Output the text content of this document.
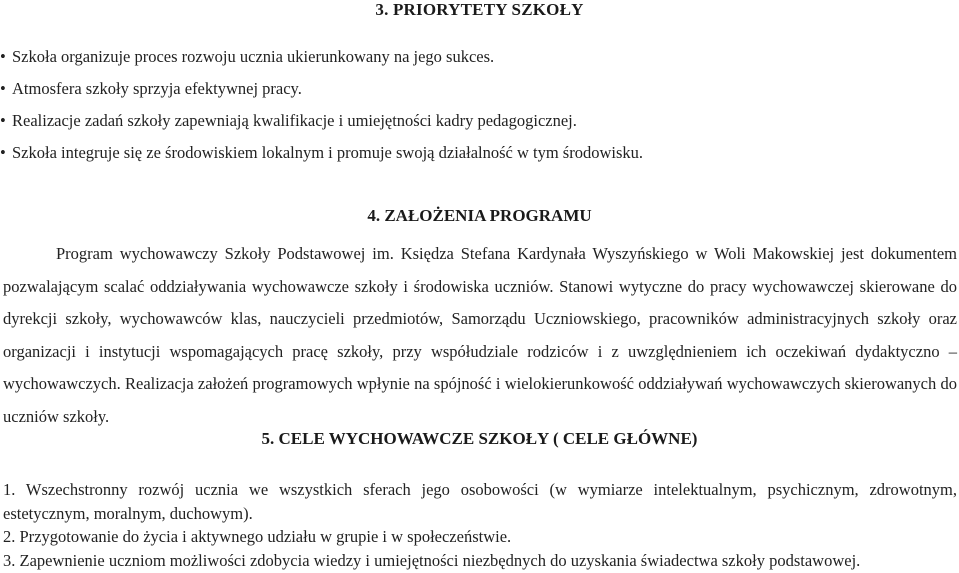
3. PRIORYTETY SZKOŁY
• Szkoła organizuje proces rozwoju ucznia ukierunkowany na jego sukces.
• Atmosfera szkoły sprzyja efektywnej pracy.
• Realizacje zadań szkoły zapewniają kwalifikacje i umiejętności kadry pedagogicznej.
• Szkoła integruje się ze środowiskiem lokalnym i promuje swoją działalność w tym środowisku.
4. ZAŁOŻENIA PROGRAMU

Program wychowawczy Szkoły Podstawowej im. Księdza Stefana Kardynała Wyszyńskiego w Woli Makowskiej jest dokumentem pozwalającym scalać oddziaływania wychowawcze szkoły i środowiska uczniów. Stanowi wytyczne do pracy wychowawczej skierowane do dyrekcji szkoły, wychowawców klas, nauczycieli przedmiotów, Samorządu Uczniowskiego, pracowników administracyjnych szkoły oraz organizacji i instytucji wspomagających pracę szkoły, przy współudziale rodziców i z uwzględnieniem ich oczekiwań dydaktyczno – wychowawczych. Realizacja założeń programowych wpłynie na spójność i wielokierunkowość oddziaływań wychowawczych skierowanych do uczniów szkoły.

5. CELE WYCHOWAWCZE SZKOŁY ( CELE GŁÓWNE)
1. Wszechstronny rozwój ucznia we wszystkich sferach jego osobowości (w wymiarze intelektualnym, psychicznym, zdrowotnym, estetycznym, moralnym, duchowym).
2. Przygotowanie do życia i aktywnego udziału w grupie i w społeczeństwie.
3. Zapewnienie uczniom możliwości zdobycia wiedzy i umiejętności niezbędnych do uzyskania świadectwa szkoły podstawowej.
